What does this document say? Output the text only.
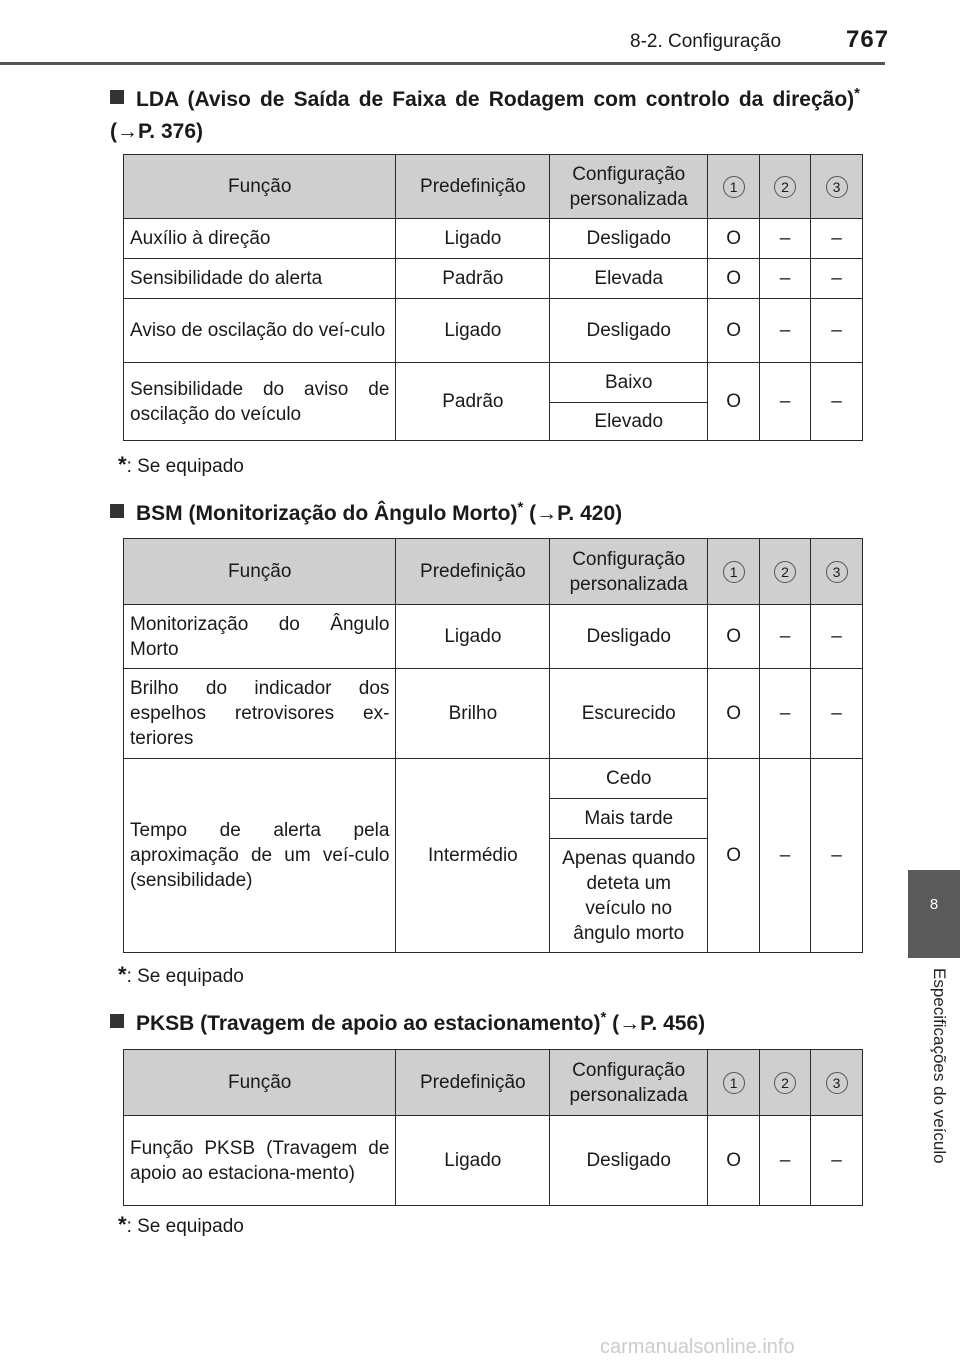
8-2. Configuração	767
8
Especificações do veículo
LDA (Aviso de Saída de Faixa de Rodagem com controlo da direção)* (→P. 376)
Função	Predefinição	Configuração personalizada	1	2	3
Auxílio à direção	Ligado	Desligado	O	–	–
Sensibilidade do alerta	Padrão	Elevada	O	–	–
Aviso de oscilação do veí-culo	Ligado	Desligado	O	–	–
Sensibilidade do aviso de oscilação do veículo	Padrão	Baixo	O	–	–
		Elevado			
*: Se equipado
BSM (Monitorização do Ângulo Morto)* (→P. 420)
Função	Predefinição	Configuração personalizada	1	2	3
Monitorização do Ângulo Morto	Ligado	Desligado	O	–	–
Brilho do indicador dos espelhos retrovisores ex-teriores	Brilho	Escurecido	O	–	–
Tempo de alerta pela aproximação de um veí-culo (sensibilidade)	Intermédio	Cedo	O	–	–
		Mais tarde			
		Apenas quando deteta um veículo no ângulo morto			
*: Se equipado
PKSB (Travagem de apoio ao estacionamento)* (→P. 456)
Função	Predefinição	Configuração personalizada	1	2	3
Função PKSB (Travagem de apoio ao estaciona-mento)	Ligado	Desligado	O	–	–
*: Se equipado
carmanualsonline.info
